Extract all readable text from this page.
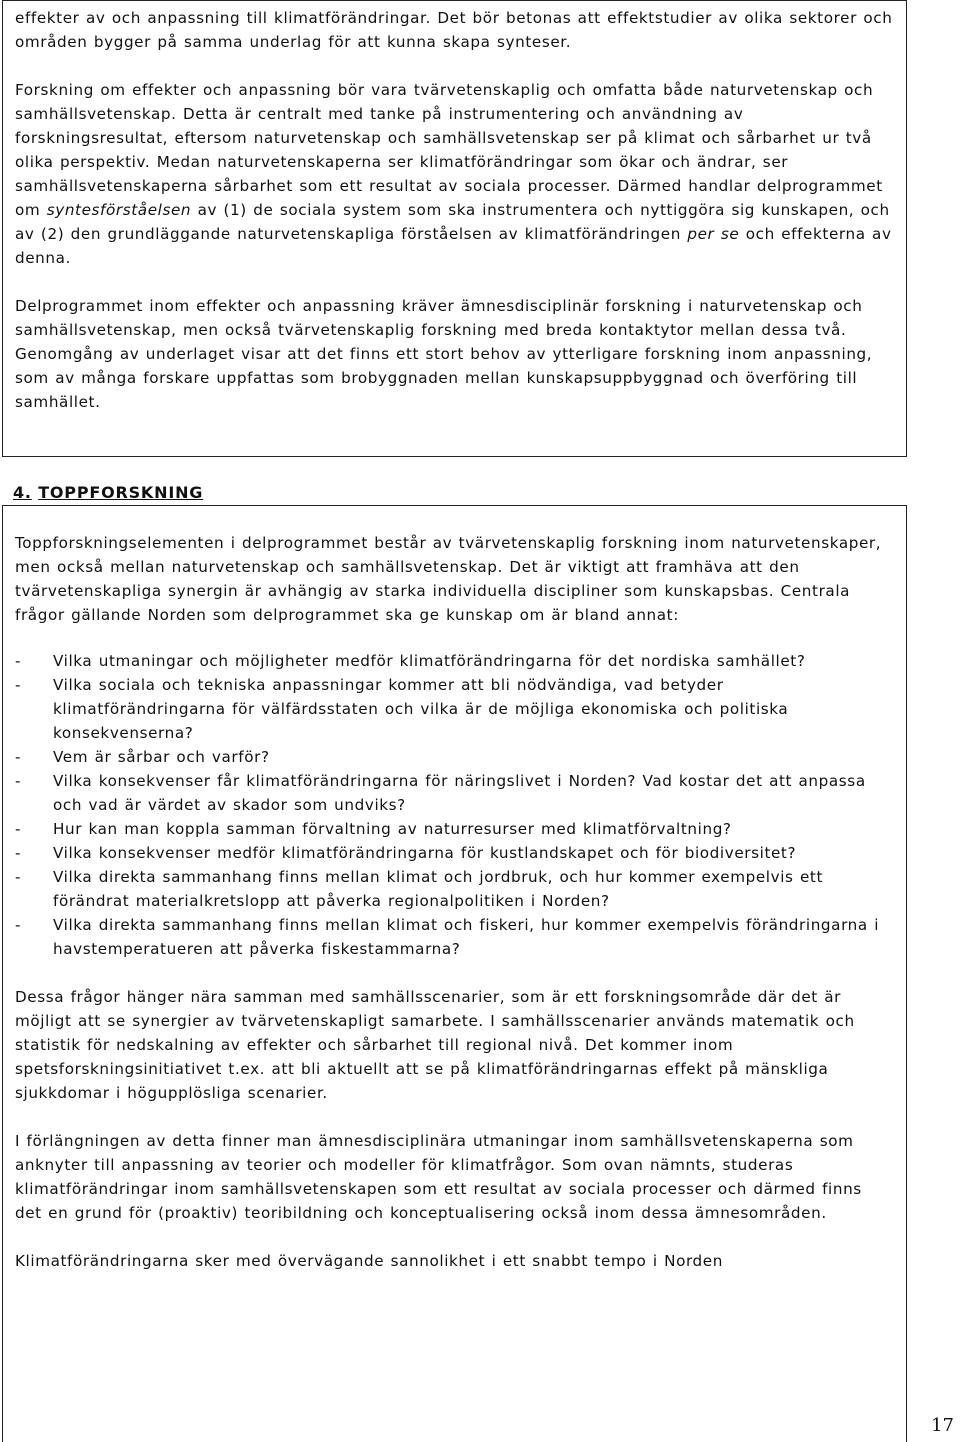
effekter av och anpassning till klimatförändringar. Det bör betonas att effektstudier av olika sektorer och områden bygger på samma underlag för att kunna skapa synteser.

Forskning om effekter och anpassning bör vara tvärvetenskaplig och omfatta både naturvetenskap och samhällsvetenskap. Detta är centralt med tanke på instrumentering och användning av forskningsresultat, eftersom naturvetenskap och samhällsvetenskap ser på klimat och sårbarhet ur två olika perspektiv. Medan naturvetenskaperna ser klimatförändringar som ökar och ändrar, ser samhällsvetenskaperna sårbarhet som ett resultat av sociala processer. Därmed handlar delprogrammet om syntesförståelsen av (1) de sociala system som ska instrumentera och nyttiggöra sig kunskapen, och av (2) den grundläggande naturvetenskapliga förståelsen av klimatförändringen per se och effekterna av denna.

Delprogrammet inom effekter och anpassning kräver ämnesdisciplinär forskning i naturvetenskap och samhällsvetenskap, men också tvärvetenskaplig forskning med breda kontaktytor mellan dessa två. Genomgång av underlaget visar att det finns ett stort behov av ytterligare forskning inom anpassning, som av många forskare uppfattas som brobyggnaden mellan kunskapsuppbyggnad och överföring till samhället.

4. TOPPFORSKNING

Toppforskningselementen i delprogrammet består av tvärvetenskaplig forskning inom naturvetenskaper, men också mellan naturvetenskap och samhällsvetenskap. Det är viktigt att framhäva att den tvärvetenskapliga synergin är avhängig av starka individuella discipliner som kunskapsbas. Centrala frågor gällande Norden som delprogrammet ska ge kunskap om är bland annat:

- Vilka utmaningar och möjligheter medför klimatförändringarna för det nordiska samhället?
- Vilka sociala och tekniska anpassningar kommer att bli nödvändiga, vad betyder klimatförändringarna för välfärdsstaten och vilka är de möjliga ekonomiska och politiska konsekvenserna?
- Vem är sårbar och varför?
- Vilka konsekvenser får klimatförändringarna för näringslivet i Norden? Vad kostar det att anpassa och vad är värdet av skador som undviks?
- Hur kan man koppla samman förvaltning av naturresurser med klimatförvaltning?
- Vilka konsekvenser medför klimatförändringarna för kustlandskapet och för biodiversitet?
- Vilka direkta sammanhang finns mellan klimat och jordbruk, och hur kommer exempelvis ett förändrat materialkretslopp att påverka regionalpolitiken i Norden?
- Vilka direkta sammanhang finns mellan klimat och fiskeri, hur kommer exempelvis förändringarna i havstemperatueren att påverka fiskestammarna?

Dessa frågor hänger nära samman med samhällsscenarier, som är ett forskningsområde där det är möjligt att se synergier av tvärvetenskapligt samarbete. I samhällsscenarier används matematik och statistik för nedskalning av effekter och sårbarhet till regional nivå. Det kommer inom spetsforskningsinitiativet t.ex. att bli aktuellt att se på klimatförändringarnas effekt på mänskliga sjukkdomar i högupplösliga scenarier.

I förlängningen av detta finner man ämnesdisciplinära utmaningar inom samhällsvetenskaperna som anknyter till anpassning av teorier och modeller för klimatfrågor. Som ovan nämnts, studeras klimatförändringar inom samhällsvetenskapen som ett resultat av sociala processer och därmed finns det en grund för (proaktiv) teoribildning och konceptualisering också inom dessa ämnesområden.

Klimatförändringarna sker med övervägande sannolikhet i ett snabbt tempo i Norden

17
